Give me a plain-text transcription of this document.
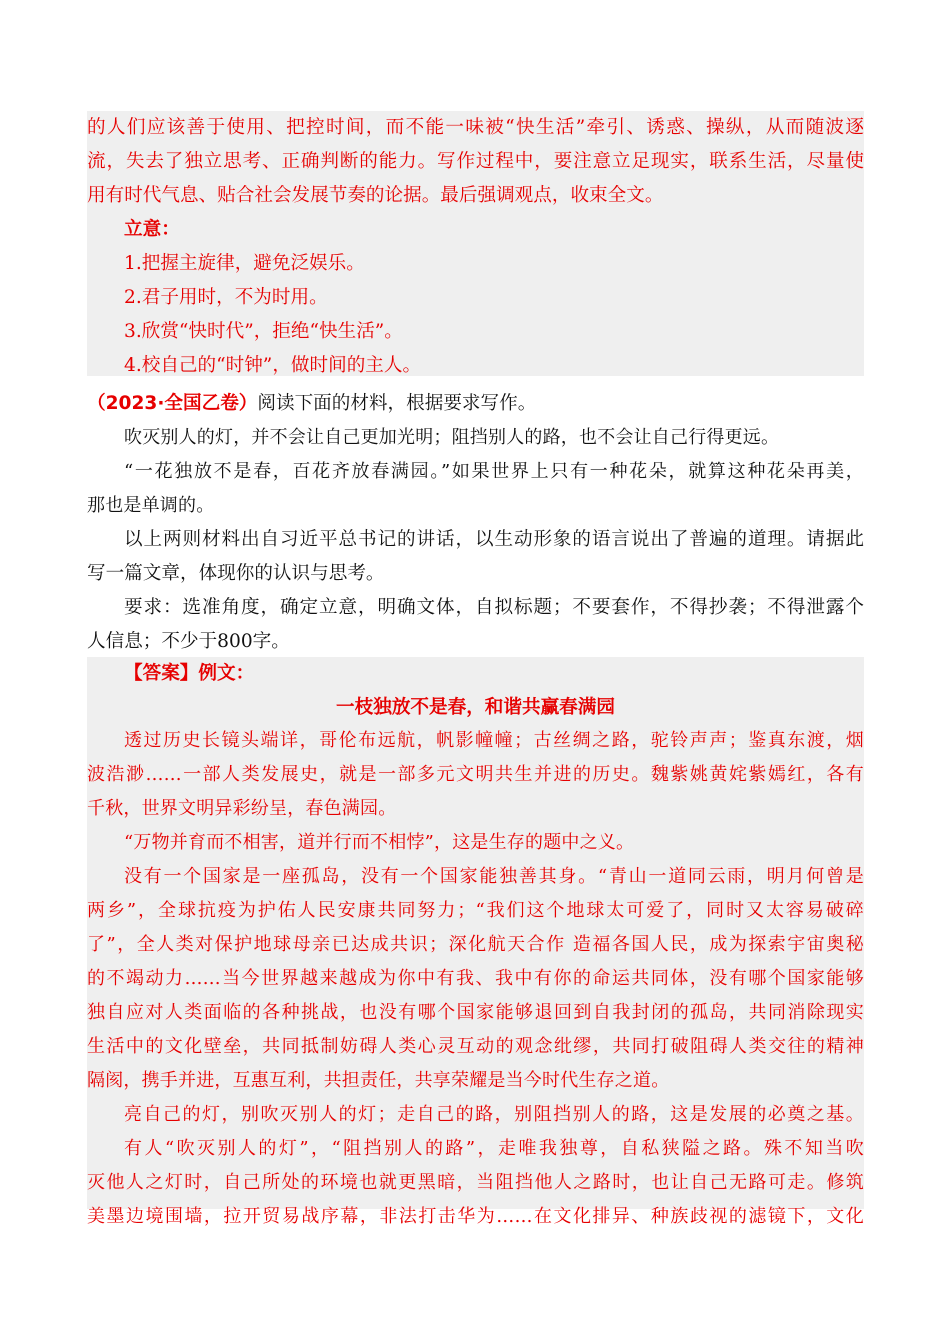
的人们应该善于使用、把控时间，而不能一味被“快生活”牵引、诱惑、操纵，从而随波逐
流，失去了独立思考、正确判断的能力。写作过程中，要注意立足现实，联系生活，尽量使
用有时代气息、贴合社会发展节奏的论据。最后强调观点，收束全文。
立意：
1.把握主旋律，避免泛娱乐。
2.君子用时，不为时用。
3.欣赏“快时代”，拒绝“快生活”。
4.校自己的“时钟”，做时间的主人。
（2023·全国乙卷）阅读下面的材料，根据要求写作。
吹灭别人的灯，并不会让自己更加光明；阻挡别人的路，也不会让自己行得更远。
“一花独放不是春，百花齐放春满园。”如果世界上只有一种花朵，就算这种花朵再美，
那也是单调的。
以上两则材料出自习近平总书记的讲话，以生动形象的语言说出了普遍的道理。请据此
写一篇文章，体现你的认识与思考。
要求：选准角度，确定立意，明确文体，自拟标题；不要套作，不得抄袭；不得泄露个
人信息；不少于800字。
【答案】例文：
一枝独放不是春，和谐共赢春满园
透过历史长镜头端详，哥伦布远航，帆影幢幢；古丝绸之路，驼铃声声；鉴真东渡，烟
波浩渺……一部人类发展史，就是一部多元文明共生并进的历史。魏紫姚黄姹紫嫣红，各有
千秋，世界文明异彩纷呈，春色满园。
“万物并育而不相害，道并行而不相悖”，这是生存的题中之义。
没有一个国家是一座孤岛，没有一个国家能独善其身。“青山一道同云雨，明月何曾是
两乡”，全球抗疫为护佑人民安康共同努力；“我们这个地球太可爱了，同时又太容易破碎
了”，全人类对保护地球母亲已达成共识；深化航天合作 造福各国人民，成为探索宇宙奥秘
的不竭动力……当今世界越来越成为你中有我、我中有你的命运共同体，没有哪个国家能够
独自应对人类面临的各种挑战，也没有哪个国家能够退回到自我封闭的孤岛，共同消除现实
生活中的文化壁垒，共同抵制妨碍人类心灵互动的观念纰缪，共同打破阻碍人类交往的精神
隔阂，携手并进，互惠互利，共担责任，共享荣耀是当今时代生存之道。
亮自己的灯，别吹灭别人的灯；走自己的路，别阻挡别人的路，这是发展的必奠之基。
有人“吹灭别人的灯”，“阻挡别人的路”，走唯我独尊，自私狭隘之路。殊不知当吹
灭他人之灯时，自己所处的环境也就更黑暗，当阻挡他人之路时，也让自己无路可走。修筑
美墨边境围墙，拉开贸易战序幕，非法打击华为……在文化排异、种族歧视的滤镜下，文化
